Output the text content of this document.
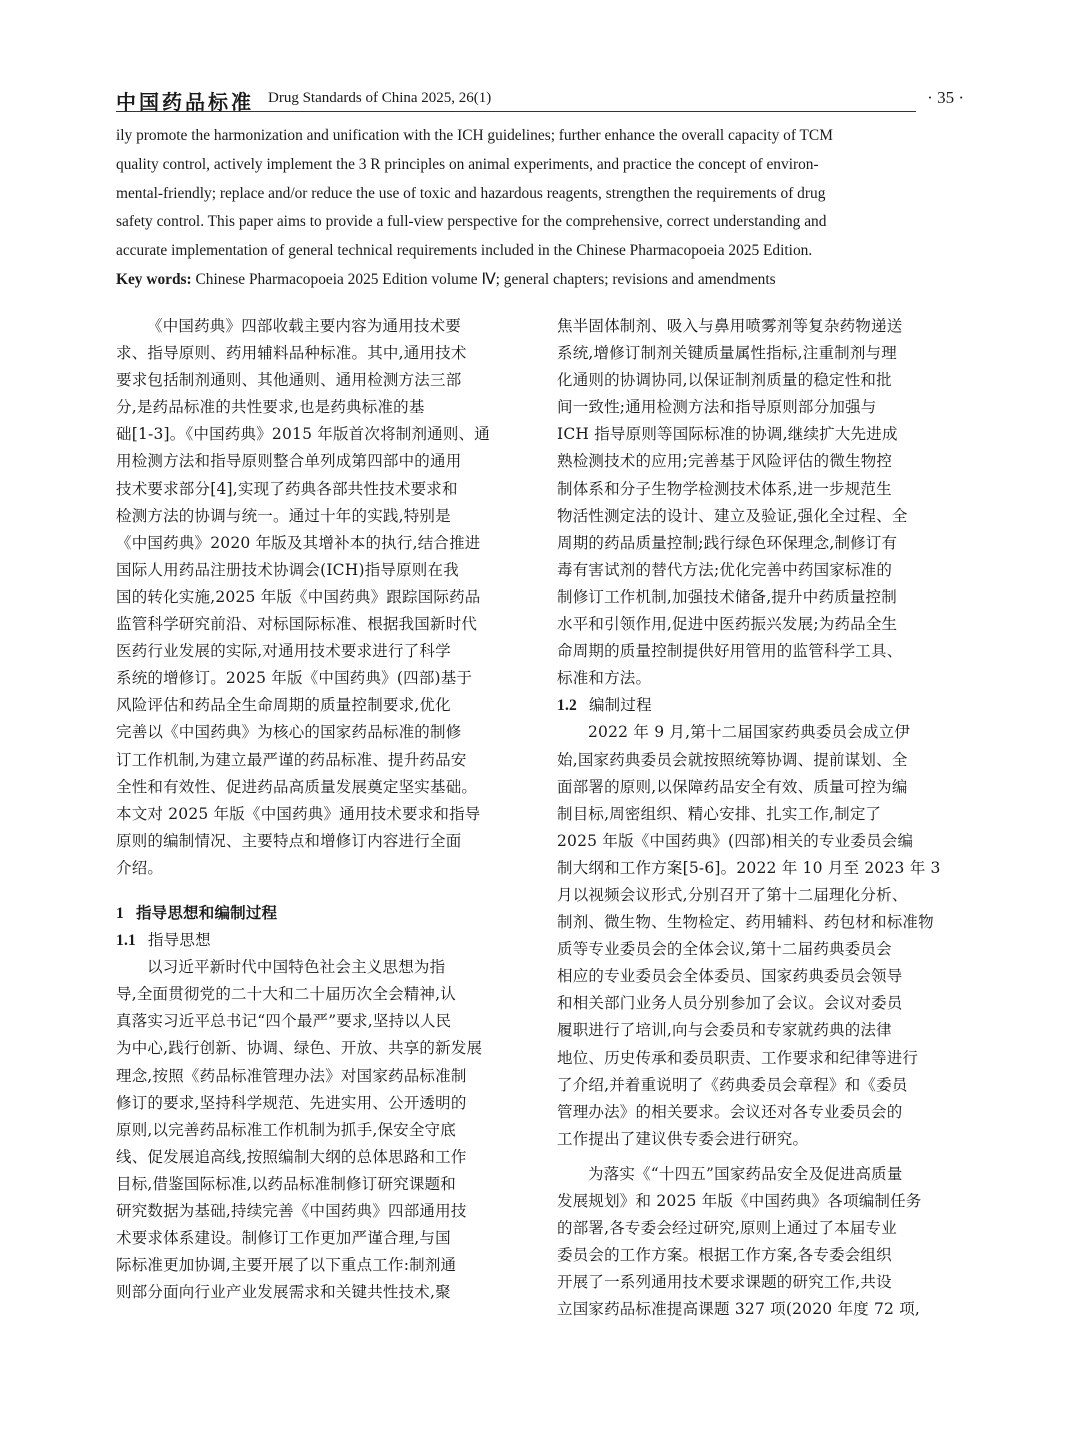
中国药品标准 Drug Standards of China 2025, 26(1)	· 35 ·
ily promote the harmonization and unification with the ICH guidelines; further enhance the overall capacity of TCM
quality control, actively implement the 3 R principles on animal experiments, and practice the concept of environ-
mental-friendly; replace and/or reduce the use of toxic and hazardous reagents, strengthen the requirements of drug
safety control. This paper aims to provide a full-view perspective for the comprehensive, correct understanding and
accurate implementation of general technical requirements included in the Chinese Pharmacopoeia 2025 Edition.
Key words: Chinese Pharmacopoeia 2025 Edition volume Ⅳ; general chapters; revisions and amendments
《中国药典》四部收载主要内容为通用技术要
求、指导原则、药用辅料品种标准。其中,通用技术
要求包括制剂通则、其他通则、通用检测方法三部
分,是药品标准的共性要求,也是药典标准的基
础[1-3]。《中国药典》2015 年版首次将制剂通则、通
用检测方法和指导原则整合单列成第四部中的通用
技术要求部分[4],实现了药典各部共性技术要求和
检测方法的协调与统一。通过十年的实践,特别是
《中国药典》2020 年版及其增补本的执行,结合推进
国际人用药品注册技术协调会(ICH)指导原则在我
国的转化实施,2025 年版《中国药典》跟踪国际药品
监管科学研究前沿、对标国际标准、根据我国新时代
医药行业发展的实际,对通用技术要求进行了科学
系统的增修订。2025 年版《中国药典》(四部)基于
风险评估和药品全生命周期的质量控制要求,优化
完善以《中国药典》为核心的国家药品标准的制修
订工作机制,为建立最严谨的药品标准、提升药品安
全性和有效性、促进药品高质量发展奠定坚实基础。
本文对 2025 年版《中国药典》通用技术要求和指导
原则的编制情况、主要特点和增修订内容进行全面
介绍。
1 指导思想和编制过程
1.1 指导思想
以习近平新时代中国特色社会主义思想为指
导,全面贯彻党的二十大和二十届历次全会精神,认
真落实习近平总书记“四个最严”要求,坚持以人民
为中心,践行创新、协调、绿色、开放、共享的新发展
理念,按照《药品标准管理办法》对国家药品标准制
修订的要求,坚持科学规范、先进实用、公开透明的
原则,以完善药品标准工作机制为抓手,保安全守底
线、促发展追高线,按照编制大纲的总体思路和工作
目标,借鉴国际标准,以药品标准制修订研究课题和
研究数据为基础,持续完善《中国药典》四部通用技
术要求体系建设。制修订工作更加严谨合理,与国
际标准更加协调,主要开展了以下重点工作:制剂通
则部分面向行业产业发展需求和关键共性技术,聚
焦半固体制剂、吸入与鼻用喷雾剂等复杂药物递送
系统,增修订制剂关键质量属性指标,注重制剂与理
化通则的协调协同,以保证制剂质量的稳定性和批
间一致性;通用检测方法和指导原则部分加强与
ICH 指导原则等国际标准的协调,继续扩大先进成
熟检测技术的应用;完善基于风险评估的微生物控
制体系和分子生物学检测技术体系,进一步规范生
物活性测定法的设计、建立及验证,强化全过程、全
周期的药品质量控制;践行绿色环保理念,制修订有
毒有害试剂的替代方法;优化完善中药国家标准的
制修订工作机制,加强技术储备,提升中药质量控制
水平和引领作用,促进中医药振兴发展;为药品全生
命周期的质量控制提供好用管用的监管科学工具、
标准和方法。
1.2 编制过程
2022 年 9 月,第十二届国家药典委员会成立伊
始,国家药典委员会就按照统筹协调、提前谋划、全
面部署的原则,以保障药品安全有效、质量可控为编
制目标,周密组织、精心安排、扎实工作,制定了
2025 年版《中国药典》(四部)相关的专业委员会编
制大纲和工作方案[5-6]。2022 年 10 月至 2023 年 3
月以视频会议形式,分别召开了第十二届理化分析、
制剂、微生物、生物检定、药用辅料、药包材和标准物
质等专业委员会的全体会议,第十二届药典委员会
相应的专业委员会全体委员、国家药典委员会领导
和相关部门业务人员分别参加了会议。会议对委员
履职进行了培训,向与会委员和专家就药典的法律
地位、历史传承和委员职责、工作要求和纪律等进行
了介绍,并着重说明了《药典委员会章程》和《委员
管理办法》的相关要求。会议还对各专业委员会的
工作提出了建议供专委会进行研究。
为落实《“十四五”国家药品安全及促进高质量
发展规划》和 2025 年版《中国药典》各项编制任务
的部署,各专委会经过研究,原则上通过了本届专业
委员会的工作方案。根据工作方案,各专委会组织
开展了一系列通用技术要求课题的研究工作,共设
立国家药品标准提高课题 327 项(2020 年度 72 项,
